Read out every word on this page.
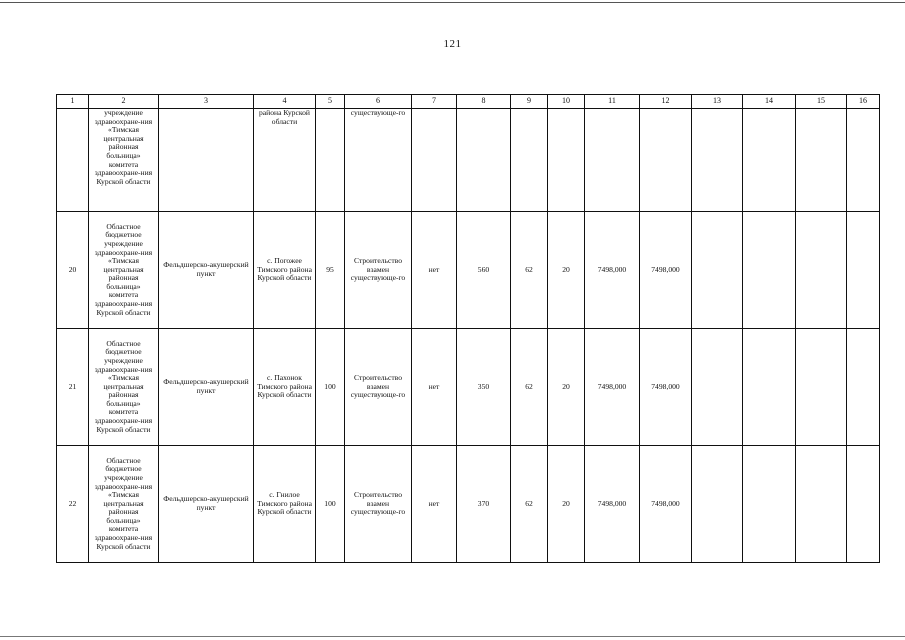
121
1	2	3	4	5	6	7	8	9	10	11	12	13	14	15	16
	учреждение здравоохране-ния «Тимская центральная районная больница» комитета здравоохране-ния Курской области		района Курской области		существующе-го										
20	Областное бюджетное учреждение здравоохране-ния «Тимская центральная районная больница» комитета здравоохране-ния Курской области	Фельдшерско-акушерский пункт	с. Погожее Тимского района Курской области	95	Строительство взамен существующе-го	нет	560	62	20	7498,000	7498,000				
21	Областное бюджетное учреждение здравоохране-ния «Тимская центральная районная больница» комитета здравоохране-ния Курской области	Фельдшерско-акушерский пункт	с. Пахонок Тимского района Курской области	100	Строительство взамен существующе-го	нет	350	62	20	7498,000	7498,000				
22	Областное бюджетное учреждение здравоохране-ния «Тимская центральная районная больница» комитета здравоохране-ния Курской области	Фельдшерско-акушерский пункт	с. Гнилое Тимского района Курской области	100	Строительство взамен существующе-го	нет	370	62	20	7498,000	7498,000				
